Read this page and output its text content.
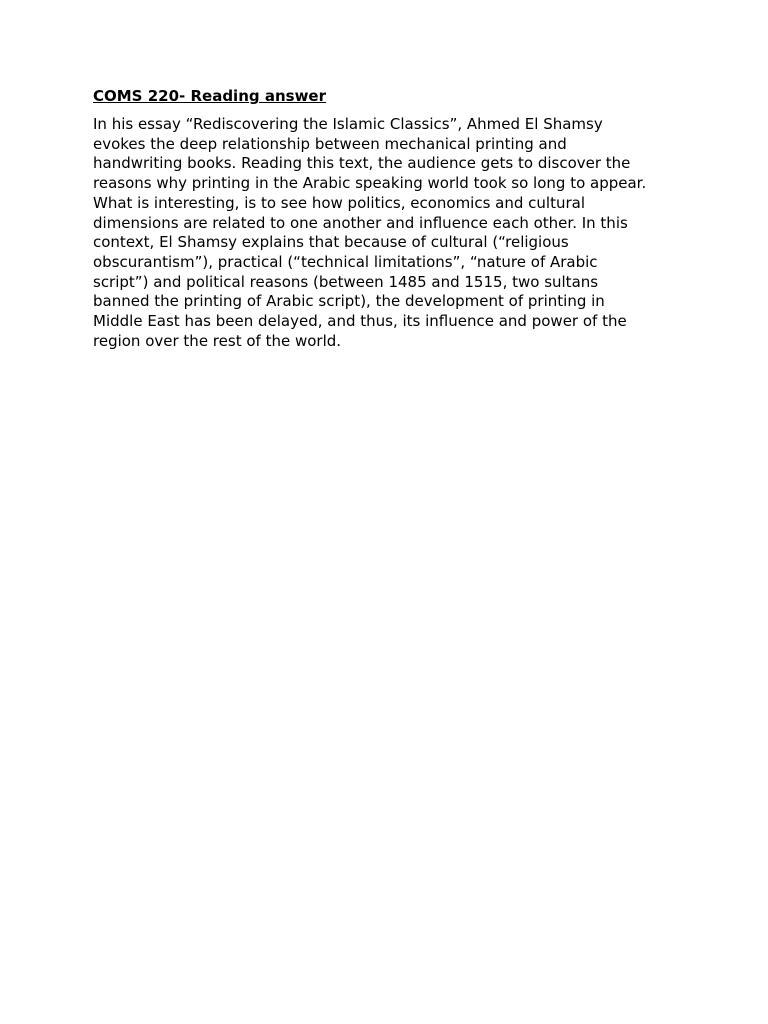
COMS 220- Reading answer

In his essay “Rediscovering the Islamic Classics”, Ahmed El Shamsy
evokes the deep relationship between mechanical printing and
handwriting books. Reading this text, the audience gets to discover the
reasons why printing in the Arabic speaking world took so long to appear.
What is interesting, is to see how politics, economics and cultural
dimensions are related to one another and influence each other. In this
context, El Shamsy explains that because of cultural (“religious
obscurantism”), practical (“technical limitations”, “nature of Arabic
script”) and political reasons (between 1485 and 1515, two sultans
banned the printing of Arabic script), the development of printing in
Middle East has been delayed, and thus, its influence and power of the
region over the rest of the world.
